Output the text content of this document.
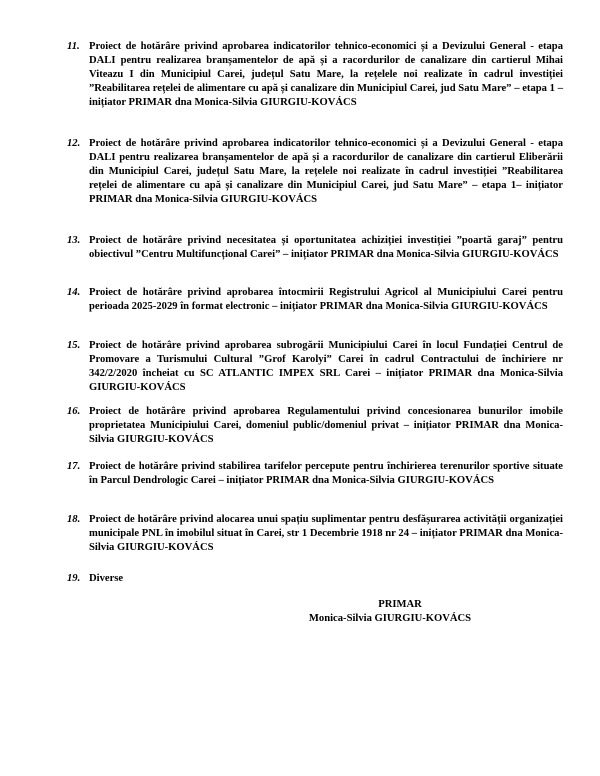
11. Proiect de hotărâre privind aprobarea indicatorilor tehnico-economici și a Devizului General - etapa DALI pentru realizarea branșamentelor de apă și a racordurilor de canalizare din cartierul Mihai Viteazu I din Municipiul Carei, județul Satu Mare, la rețelele noi realizate în cadrul investiției ”Reabilitarea rețelei de alimentare cu apă și canalizare din Municipiul Carei, jud Satu Mare” – etapa 1 – inițiator PRIMAR dna Monica-Silvia GIURGIU-KOVÁCS
12. Proiect de hotărâre privind aprobarea indicatorilor tehnico-economici și a Devizului General - etapa DALI pentru realizarea branșamentelor de apă și a racordurilor de canalizare din cartierul Eliberării din Municipiul Carei, județul Satu Mare, la rețelele noi realizate în cadrul investiției ”Reabilitarea rețelei de alimentare cu apă și canalizare din Municipiul Carei, jud Satu Mare” – etapa 1– inițiator PRIMAR dna Monica-Silvia GIURGIU-KOVÁCS
13. Proiect de hotărâre privind necesitatea și oportunitatea achiziției investiției ”poartă garaj” pentru obiectivul ”Centru Multifuncțional Carei” – inițiator PRIMAR dna Monica-Silvia GIURGIU-KOVÁCS
14. Proiect de hotărâre privind aprobarea întocmirii Registrului Agricol al Municipiului Carei pentru perioada 2025-2029 în format electronic – inițiator PRIMAR dna Monica-Silvia GIURGIU-KOVÁCS
15. Proiect de hotărâre privind aprobarea subrogării Municipiului Carei în locul Fundației Centrul de Promovare a Turismului Cultural ”Grof Karolyi” Carei în cadrul Contractului de închiriere nr 342/2/2020 încheiat cu SC ATLANTIC IMPEX SRL Carei – inițiator PRIMAR dna Monica-Silvia GIURGIU-KOVÁCS
16. Proiect de hotărâre privind aprobarea Regulamentului privind concesionarea bunurilor imobile proprietatea Municipiului Carei, domeniul public/domeniul privat – inițiator PRIMAR dna Monica-Silvia GIURGIU-KOVÁCS
17. Proiect de hotărâre privind stabilirea tarifelor percepute pentru închirierea terenurilor sportive situate în Parcul Dendrologic Carei – inițiator PRIMAR dna Monica-Silvia GIURGIU-KOVÁCS
18. Proiect de hotărâre privind alocarea unui spațiu suplimentar pentru desfășurarea activității organizației municipale PNL în imobilul situat în Carei, str 1 Decembrie 1918 nr 24 – inițiator PRIMAR dna Monica-Silvia GIURGIU-KOVÁCS
19. Diverse
PRIMAR
Monica-Silvia GIURGIU-KOVÁCS
